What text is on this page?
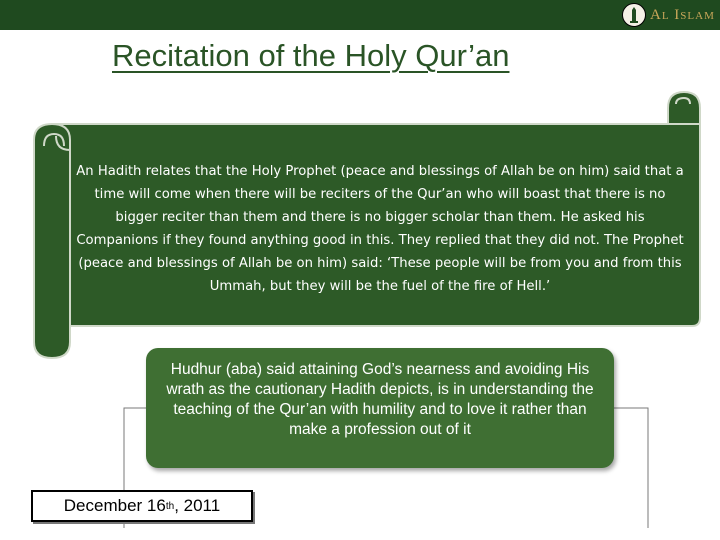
Al Islam
Recitation of the Holy Qur’an
An Hadith relates that the Holy Prophet (peace and blessings of Allah be on him) said that a time will come when there will be reciters of the Qur’an who will boast that there is no bigger reciter than them and there is no bigger scholar than them. He asked his Companions if they found anything good in this. They replied that they did not. The Prophet (peace and blessings of Allah be on him) said: ‘These people will be from you and from this Ummah, but they will be the fuel of the fire of Hell.’
Hudhur (aba) said attaining God’s nearness and avoiding His wrath as the cautionary Hadith depicts, is in understanding the teaching of the Qur’an with humility and to love it rather than make a profession out of it
December 16 th , 2011
